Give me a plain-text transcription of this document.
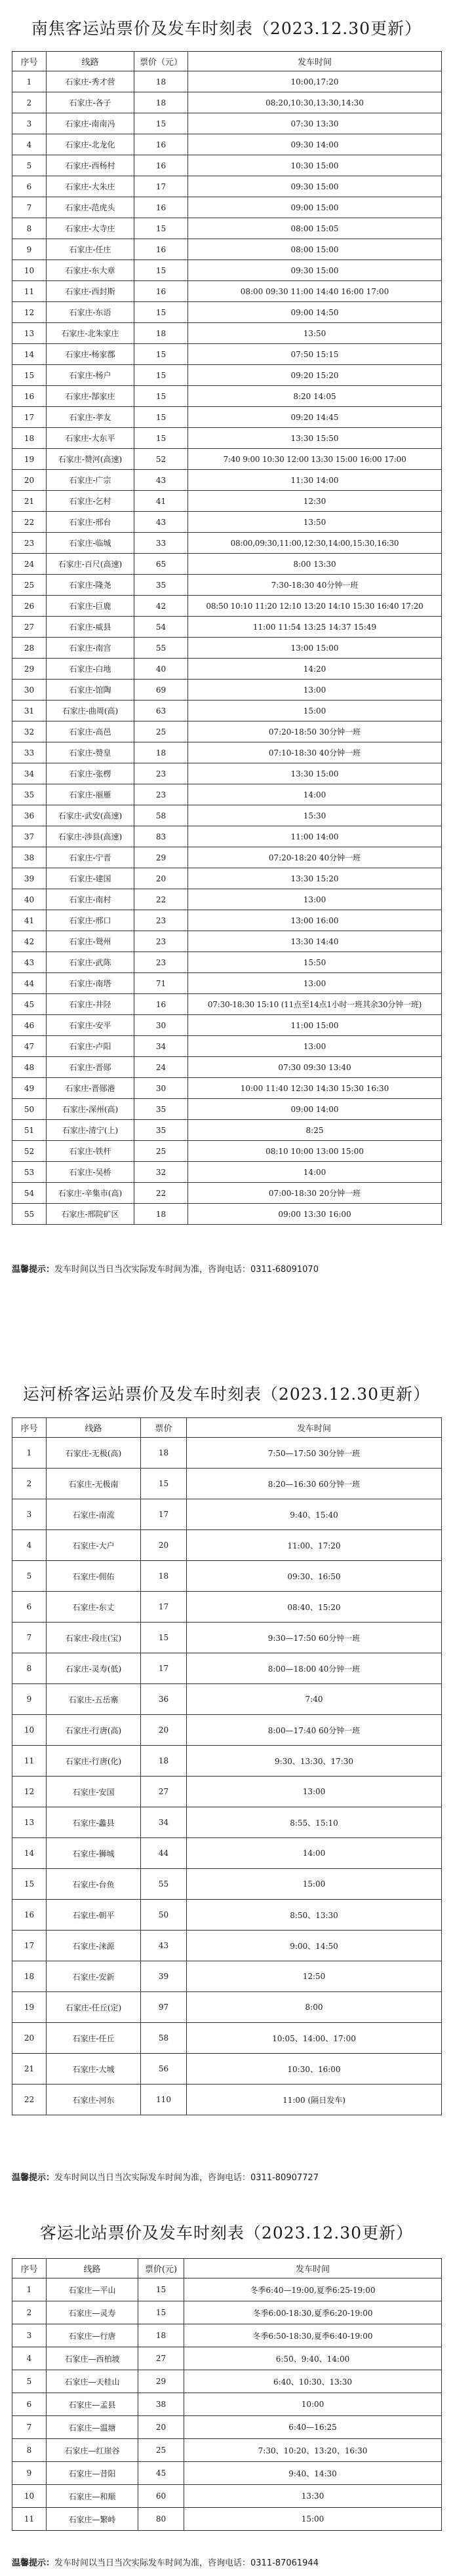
南焦客运站票价及发车时刻表（2023.12.30更新）
序号	线路	票价（元）	发车时间
1	石家庄-秀才营	18	10:00,17:20
2	石家庄-各子	18	08:20,10:30,13:30,14:30
3	石家庄-南南冯	15	07:30 13:30
4	石家庄-北龙化	16	09:30 14:00
5	石家庄-西杨村	16	10:30 15:00
6	石家庄-大朱庄	17	09:30 15:00
7	石家庄-范虎头	16	09:00 15:00
8	石家庄-大寺庄	15	08:00 15:05
9	石家庄-任庄	16	08:00 15:00
10	石家庄-东大章	15	09:30 15:00
11	石家庄-西封斯	16	08:00 09:30 11:00 14:40 16:00 17:00
12	石家庄-东语	15	09:00 14:50
13	石家庄-北朱家庄	18	13:50
14	石家庄-杨家郡	15	07:50 15:15
15	石家庄-杨户	15	09:20 15:20
16	石家庄-郜家庄	15	8:20 14:05
17	石家庄-孝友	15	09:20 14:45
18	石家庄-大东平	15	13:30 15:50
19	石家庄-赞河(高速)	52	7:40 9:00 10:30 12:00 13:30 15:00 16:00 17:00
20	石家庄-广宗	43	11:30 14:00
21	石家庄-乞村	41	12:30
22	石家庄-邢台	43	13:50
23	石家庄-临城	33	08:00,09:30,11:00,12:30,14:00,15:30,16:30
24	石家庄-百尺(高速)	65	8:00 13:30
25	石家庄-隆尧	35	7:30-18:30 40分钟一班
26	石家庄-巨鹿	42	08:50 10:10 11:20 12:10 13:20 14:10 15:30 16:40 17:20
27	石家庄-威县	54	11:00 11:54 13:25 14:37 15:49
28	石家庄-南宫	55	13:00 15:00
29	石家庄-白地	40	14:20
30	石家庄-馆陶	69	13:00
31	石家庄-曲周(高)	63	15:00
32	石家庄-高邑	25	07:20-18:50 30分钟一班
33	石家庄-赞皇	18	07:10-18:30 40分钟一班
34	石家庄-张楞	23	13:30 15:00
35	石家庄-丽雁	23	14:00
36	石家庄-武安(高速)	58	15:30
37	石家庄-涉县(高速)	83	11:00 14:00
38	石家庄-宁晋	29	07:20-18:20 40分钟一班
39	石家庄-建国	20	13:30 15:20
40	石家庄-南村	22	13:00
41	石家庄-邢口	23	13:00 16:00
42	石家庄-鸳州	23	13:30 14:40
43	石家庄-武陈	23	15:50
44	石家庄-南塔	71	13:00
45	石家庄-井陉	16	07:30-18:30 15:10 (11点至14点1小时一班其余30分钟一班)
46	石家庄-安平	30	11:00 15:00
47	石家庄-卢阳	34	13:00
48	石家庄-晋郧	24	07:30 09:30 13:40
49	石家庄-晋郧港	30	10:00 11:40 12:30 14:30 15:30 16:30
50	石家庄-深州(高)	35	09:00 14:00
51	石家庄-清宁(上)	35	8:25
52	石家庄-铁杆	25	08:10 10:00 13:00 15:00
53	石家庄-吴桥	32	14:00
54	石家庄-辛集市(高)	22	07:00-18:30 20分钟一班
55	石家庄-邢院矿区	18	09:00 13:30 16:00
温馨提示：发车时间以当日当次实际发车时间为准，咨询电话：0311-68091070
运河桥客运站票价及发车时刻表（2023.12.30更新）
序号	线路	票价	发车时间
1	石家庄-无极(高)	18	7:50—17:50 30分钟一班
2	石家庄-无极南	15	8:20—16:30 60分钟一班
3	石家庄-南流	17	9:40、15:40
4	石家庄-大户	20	11:00、17:20
5	石家庄-佣佑	18	09:30、16:50
6	石家庄-东丈	17	08:40、15:20
7	石家庄-段庄(宝)	15	9:30—17:50 60分钟一班
8	石家庄-灵寿(低)	17	8:00—18:00 40分钟一班
9	石家庄-五岳寨	36	7:40
10	石家庄-行唐(高)	20	8:00—17:40 60分钟一班
11	石家庄-行唐(化)	18	9:30、13:30、17:30
12	石家庄-安国	27	13:00
13	石家庄-蠡县	34	8:55、15:10
14	石家庄-狮城	44	14:00
15	石家庄-台鱼	55	15:00
16	石家庄-朝平	50	8:50、13:30
17	石家庄-涞源	43	9:00、14:50
18	石家庄-安新	39	12:50
19	石家庄-任丘(定)	97	8:00
20	石家庄-任丘	58	10:05、14:00、17:00
21	石家庄-大城	56	10:30、16:00
22	石家庄-河东	110	11:00 (隔日发车)
温馨提示：发车时间以当日当次实际发车时间为准，咨询电话：0311-80907727
客运北站票价及发车时刻表（2023.12.30更新）
序号	线路	票价(元)	发车时间
1	石家庄—平山	15	冬季6:40—19:00,夏季6:25-19:00
2	石家庄—灵寿	15	冬季6:00-18:30,夏季6:20-19:00
3	石家庄—行唐	18	冬季6:50-18:30,夏季6:40-19:00
4	石家庄—西柏坡	27	6:50、9:40、14:00
5	石家庄—天桂山	29	6:40、10:30、13:30
6	石家庄—孟县	38	10:00
7	石家庄—温塘	20	6:40—16:25
8	石家庄—红崖谷	25	7:30、10:20、13:20、16:30
9	石家庄—昔阳	45	9:40、14:30
10	石家庄—和顺	60	13:30
11	石家庄—繁峙	80	15:00
温馨提示：发车时间以当日当次实际发车时间为准，咨询电话：0311-87061944
